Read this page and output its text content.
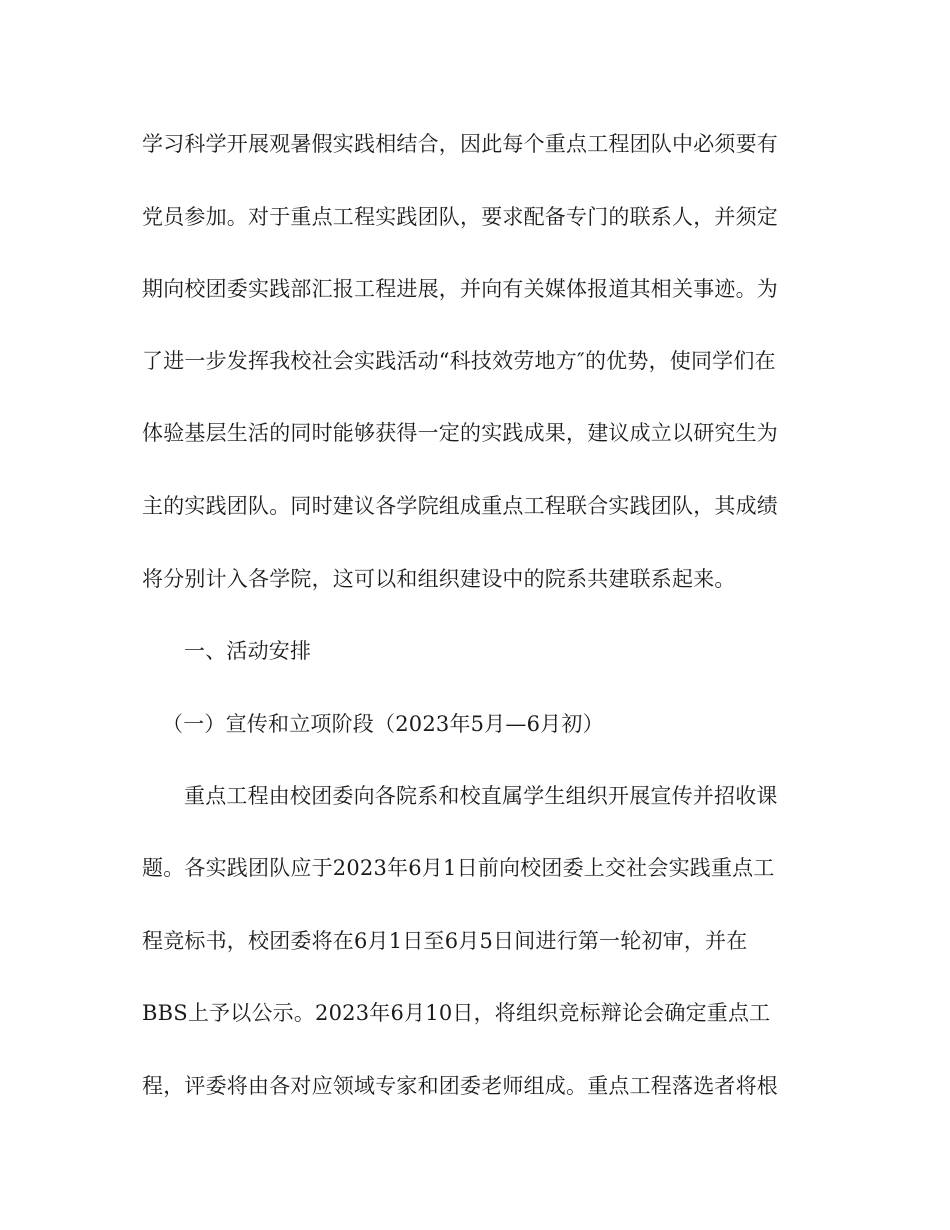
学习科学开展观暑假实践相结合，因此每个重点工程团队中必须要有

党员参加。对于重点工程实践团队，要求配备专门的联系人，并须定

期向校团委实践部汇报工程进展，并向有关媒体报道其相关事迹。为

了进一步发挥我校社会实践活动“科技效劳地方″的优势，使同学们在

体验基层生活的同时能够获得一定的实践成果，建议成立以研究生为

主的实践团队。同时建议各学院组成重点工程联合实践团队，其成绩

将分别计入各学院，这可以和组织建设中的院系共建联系起来。

一、活动安排

（一）宣传和立项阶段（2023年5月—6月初）

重点工程由校团委向各院系和校直属学生组织开展宣传并招收课

题。各实践团队应于2023年6月1日前向校团委上交社会实践重点工

程竞标书，校团委将在6月1日至6月5日间进行第一轮初审，并在

BBS上予以公示。2023年6月10日，将组织竞标辩论会确定重点工

程，评委将由各对应领域专家和团委老师组成。重点工程落选者将根
